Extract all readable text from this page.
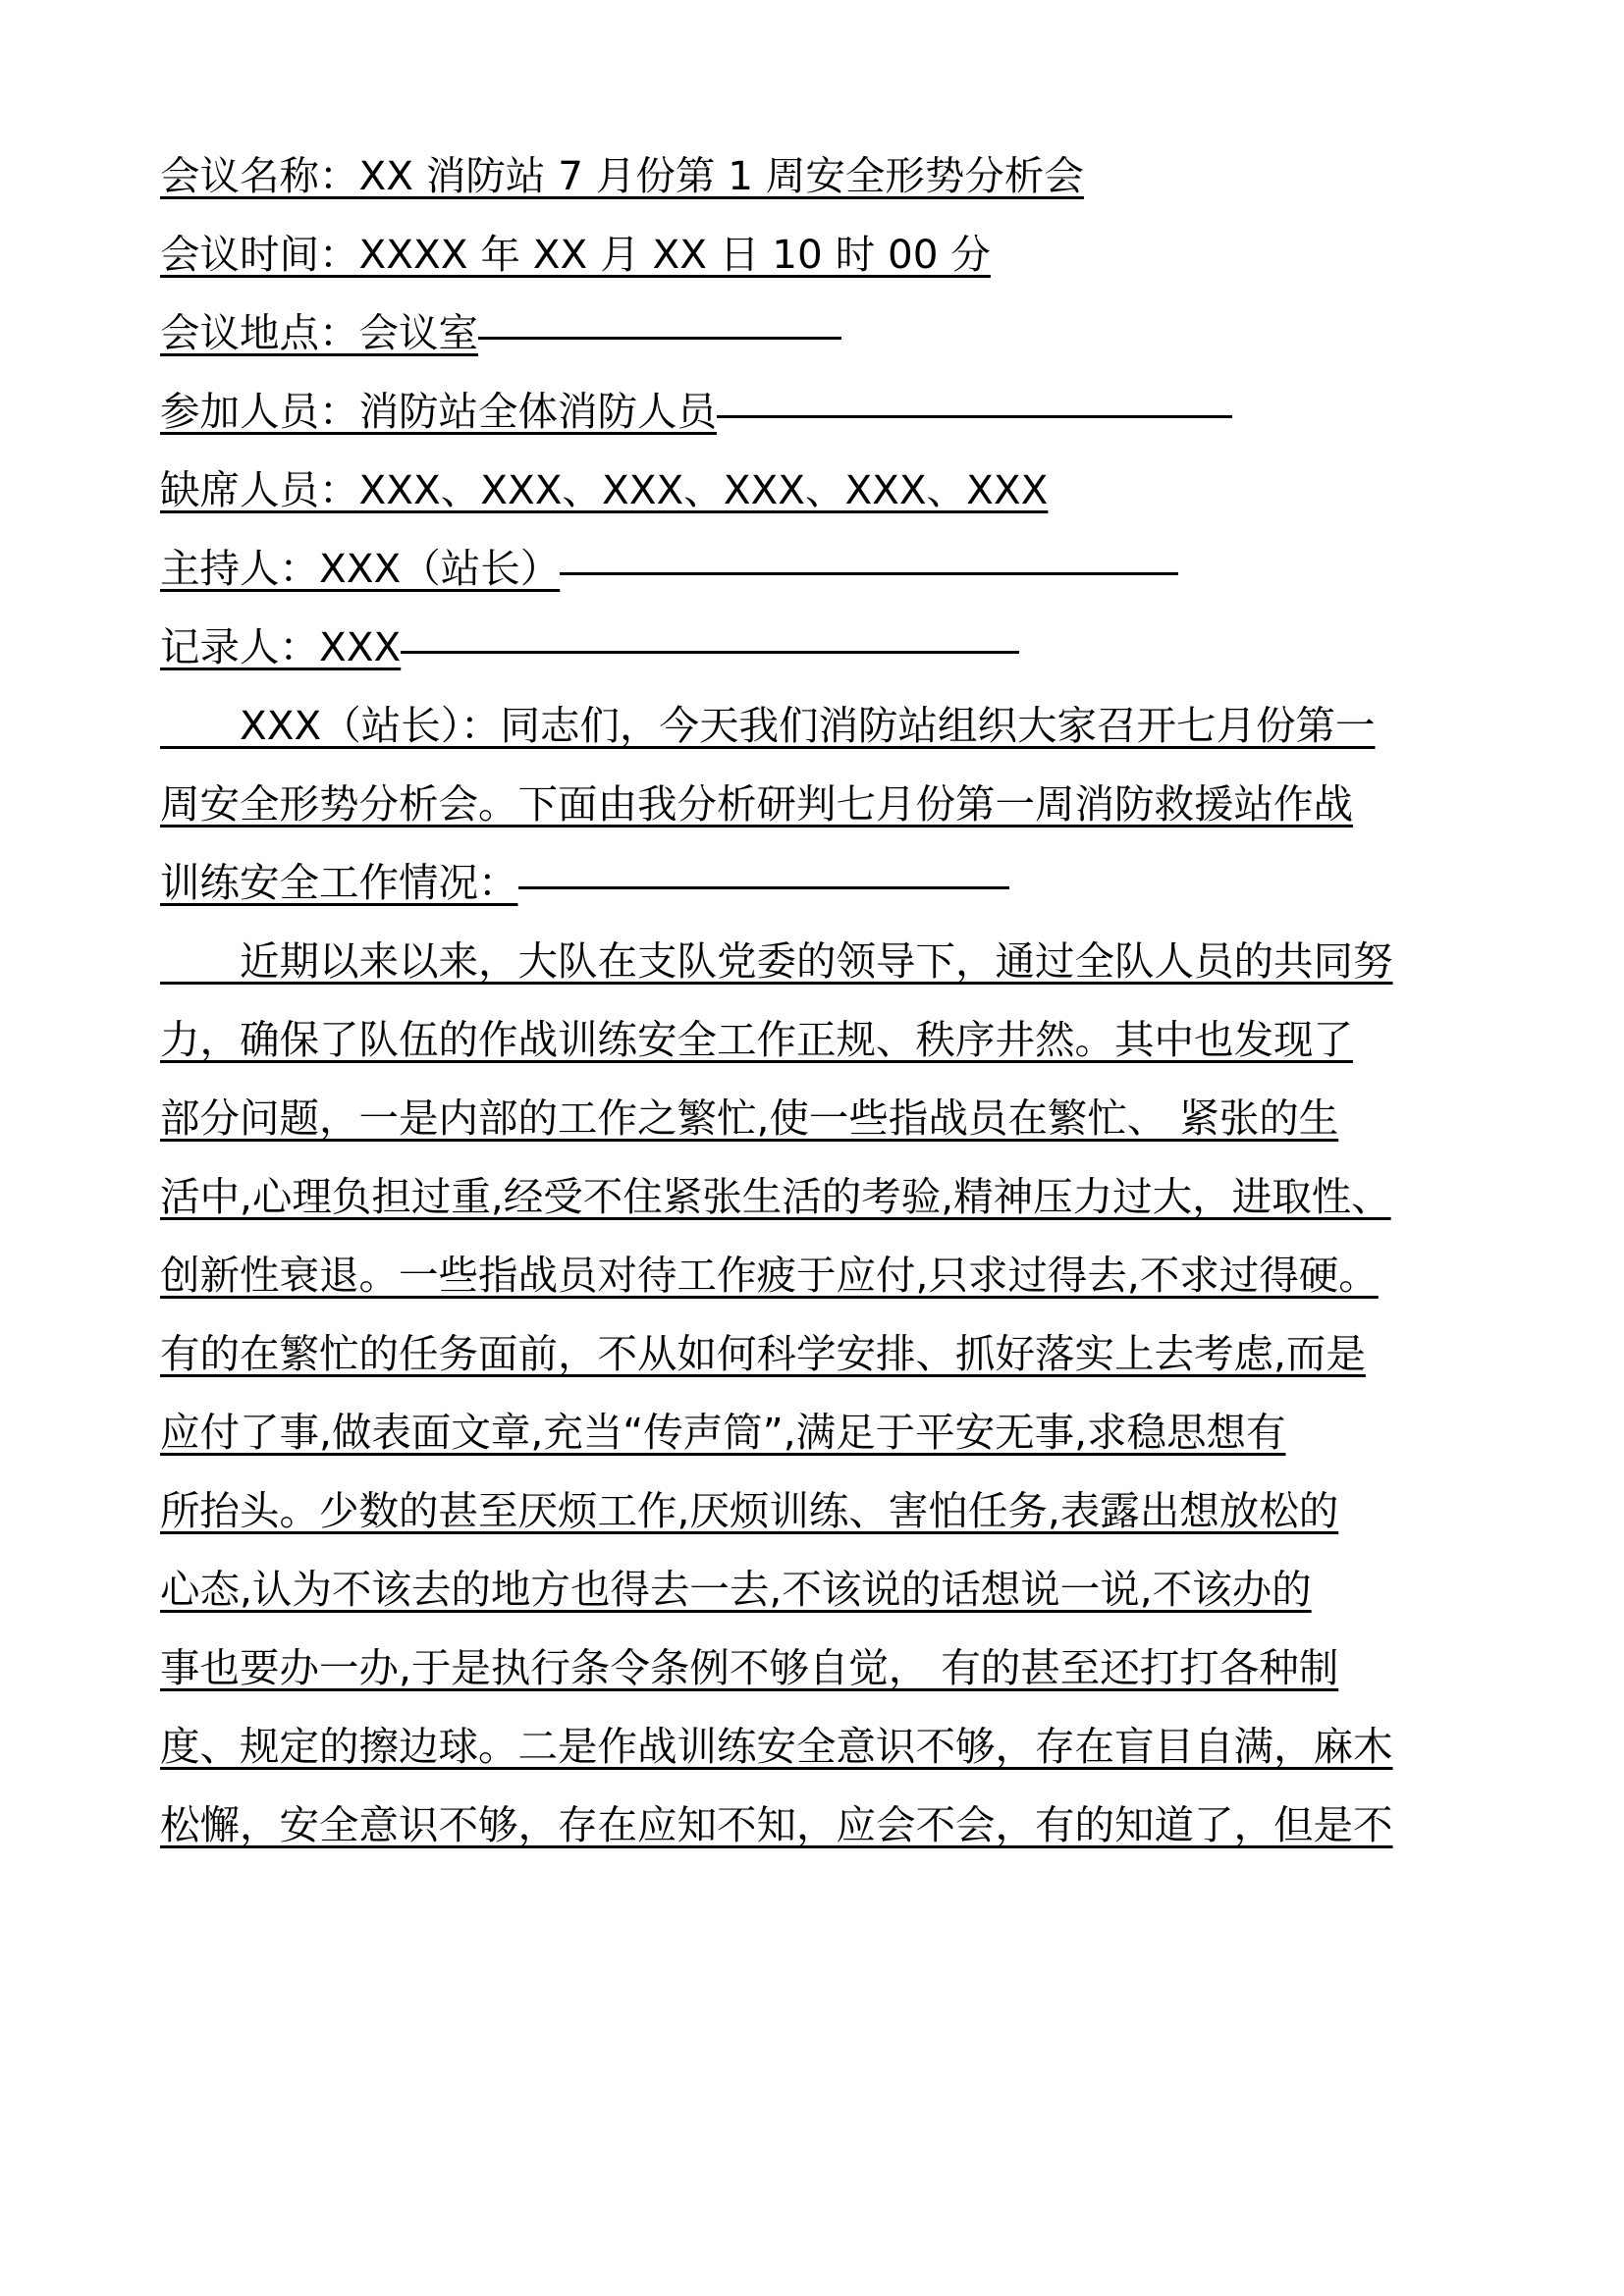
会议名称：XX 消防站 7 月份第 1 周安全形势分析会
会议时间：XXXX 年 XX 月 XX 日 10 时 00 分
会议地点：会议室
参加人员：消防站全体消防人员
缺席人员：XXX、XXX、XXX、XXX、XXX、XXX
主持人：XXX（站长）
记录人：XXX
　　XXX（站长）：同志们，今天我们消防站组织大家召开七月份第一
周安全形势分析会。下面由我分析研判七月份第一周消防救援站作战
训练安全工作情况：
　　近期以来以来，大队在支队党委的领导下，通过全队人员的共同努
力，确保了队伍的作战训练安全工作正规、秩序井然。其中也发现了
部分问题，一是内部的工作之繁忙,使一些指战员在繁忙、 紧张的生
活中,心理负担过重,经受不住紧张生活的考验,精神压力过大，进取性、
创新性衰退。一些指战员对待工作疲于应付,只求过得去,不求过得硬。
有的在繁忙的任务面前，不从如何科学安排、抓好落实上去考虑,而是
应付了事,做表面文章,充当“传声筒”,满足于平安无事,求稳思想有
所抬头。少数的甚至厌烦工作,厌烦训练、害怕任务,表露出想放松的
心态,认为不该去的地方也得去一去,不该说的话想说一说,不该办的
事也要办一办,于是执行条令条例不够自觉， 有的甚至还打打各种制
度、规定的擦边球。二是作战训练安全意识不够，存在盲目自满，麻木
松懈，安全意识不够，存在应知不知，应会不会，有的知道了，但是不
